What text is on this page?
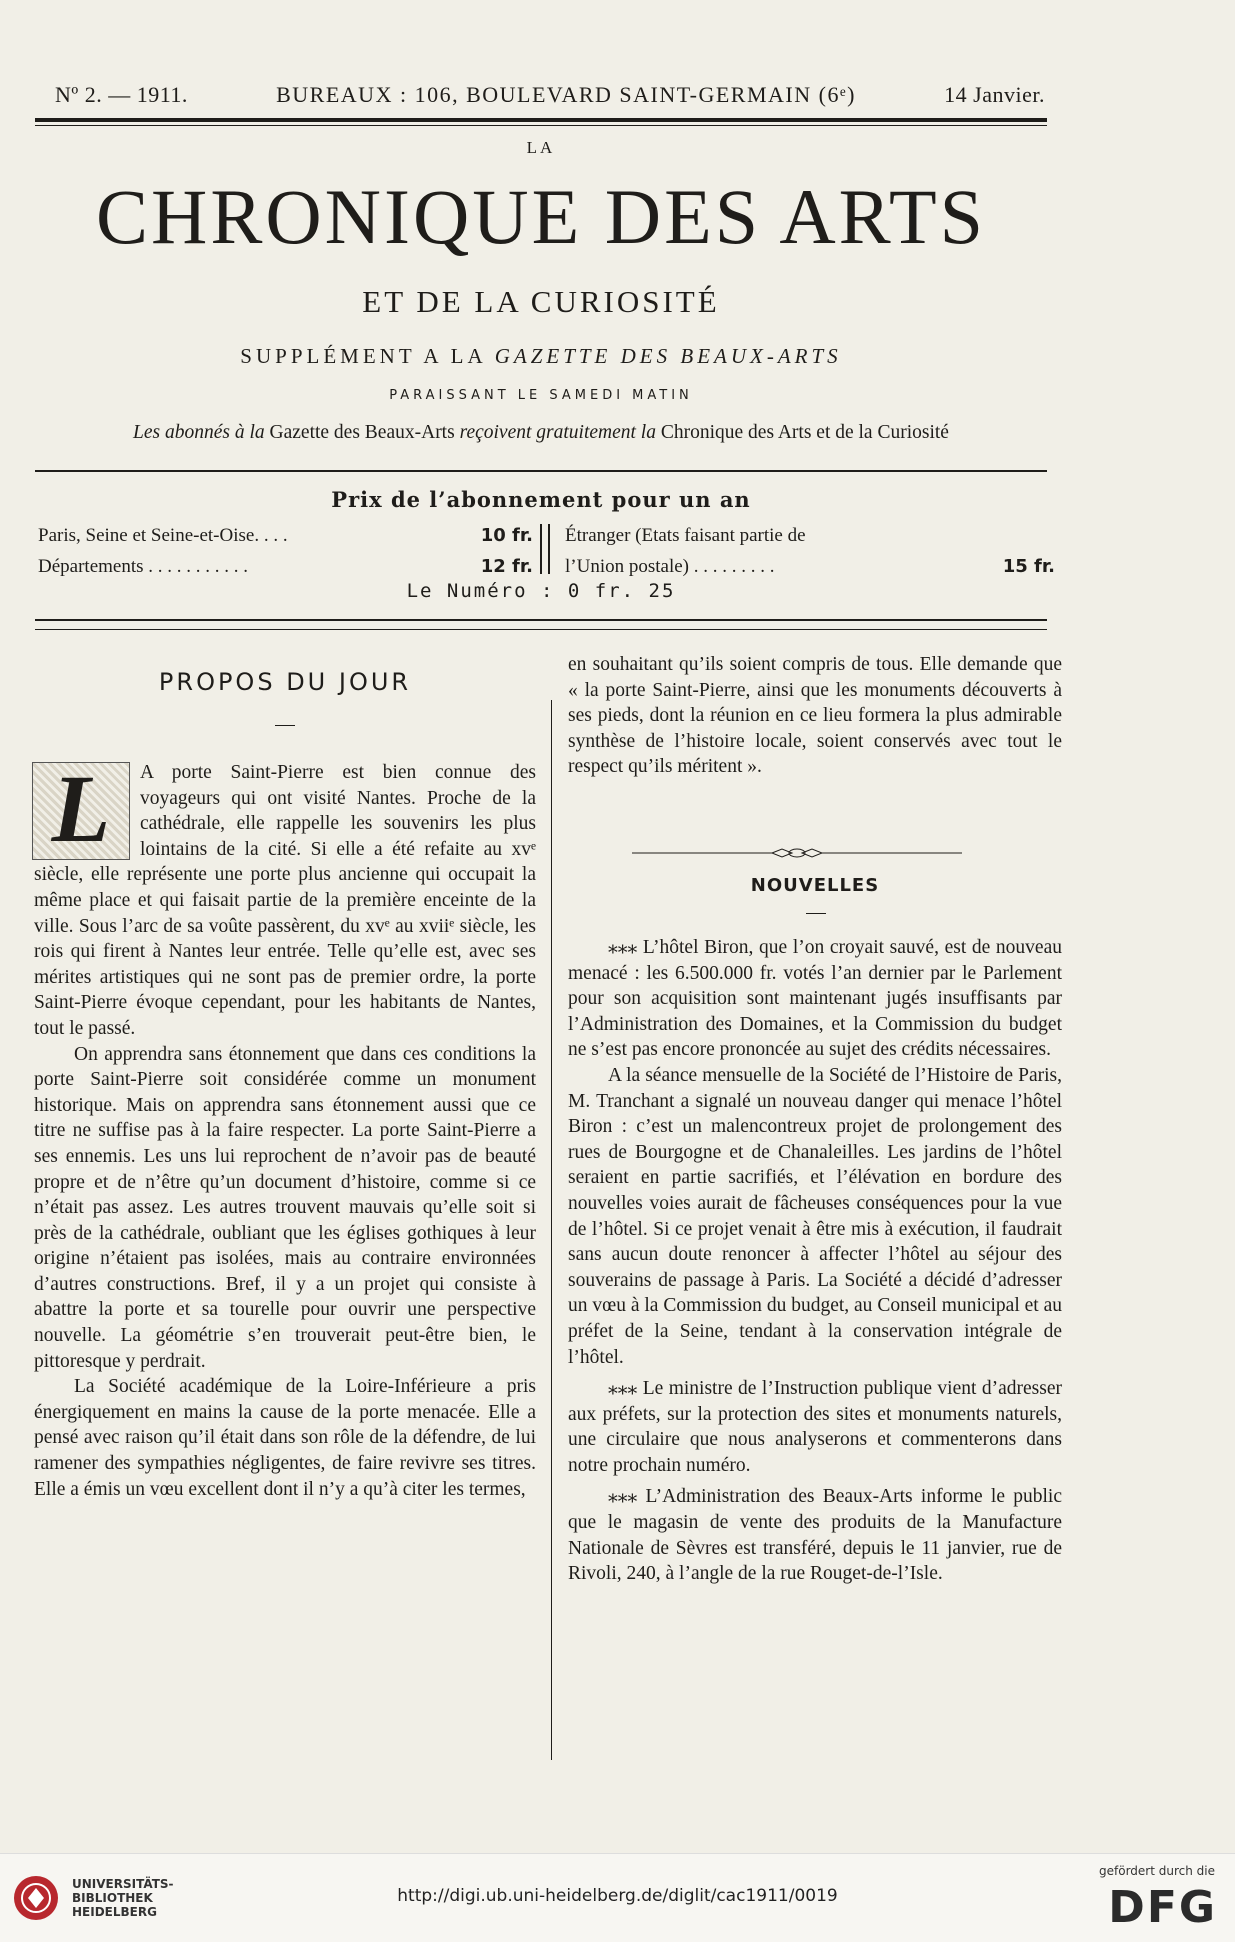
Nº 2. — 1911.	BUREAUX : 106, BOULEVARD SAINT-GERMAIN (6ᵉ)	14 Janvier.
LA
CHRONIQUE DES ARTS
ET DE LA CURIOSITÉ
SUPPLÉMENT A LA GAZETTE DES BEAUX-ARTS
PARAISSANT LE SAMEDI MATIN
Les abonnés à la Gazette des Beaux-Arts reçoivent gratuitement la Chronique des Arts et de la Curiosité
Prix de l’abonnement pour un an
Paris, Seine et Seine-et-Oise. . . .	10 fr.
Départements . . . . . . . . . . .	12 fr.
Étranger (Etats faisant partie de
l’Union postale) . . . . . . . . .	15 fr.
Le Numéro : 0 fr. 25
PROPOS DU JOUR

L	A porte Saint-Pierre est bien connue des voyageurs qui ont visité Nantes. Proche de la cathédrale, elle rappelle les souvenirs les plus lointains de la cité. Si elle a été refaite au xvᵉ siècle, elle représente une porte plus ancienne qui occupait la même place et qui faisait partie de la première enceinte de la ville. Sous l’arc de sa voûte passèrent, du xvᵉ au xviiᵉ siècle, les rois qui firent à Nantes leur entrée. Telle qu’elle est, avec ses mérites artistiques qui ne sont pas de premier ordre, la porte Saint-Pierre évoque cependant, pour les habitants de Nantes, tout le passé.

On apprendra sans étonnement que dans ces conditions la porte Saint-Pierre soit considérée comme un monument historique. Mais on apprendra sans étonnement aussi que ce titre ne suffise pas à la faire respecter. La porte Saint-Pierre a ses ennemis. Les uns lui reprochent de n’avoir pas de beauté propre et de n’être qu’un document d’histoire, comme si ce n’était pas assez. Les autres trouvent mauvais qu’elle soit si près de la cathédrale, oubliant que les églises gothiques à leur origine n’étaient pas isolées, mais au contraire environnées d’autres constructions. Bref, il y a un projet qui consiste à abattre la porte et sa tourelle pour ouvrir une perspective nouvelle. La géométrie s’en trouverait peut-être bien, le pittoresque y perdrait.

La Société académique de la Loire-Inférieure a pris énergiquement en mains la cause de la porte menacée. Elle a pensé avec raison qu’il était dans son rôle de la défendre, de lui ramener des sympathies négligentes, de faire revivre ses titres. Elle a émis un vœu excellent dont il n’y a qu’à citer les termes,

en souhaitant qu’ils soient compris de tous. Elle demande que « la porte Saint-Pierre, ainsi que les monuments découverts à ses pieds, dont la réunion en ce lieu formera la plus admirable synthèse de l’histoire locale, soient conservés avec tout le respect qu’ils méritent ».

NOUVELLES

⁎⁎⁎ L’hôtel Biron, que l’on croyait sauvé, est de nouveau menacé : les 6.500.000 fr. votés l’an dernier par le Parlement pour son acquisition sont maintenant jugés insuffisants par l’Administration des Domaines, et la Commission du budget ne s’est pas encore prononcée au sujet des crédits nécessaires.

A la séance mensuelle de la Société de l’Histoire de Paris, M. Tranchant a signalé un nouveau danger qui menace l’hôtel Biron : c’est un malencontreux projet de prolongement des rues de Bourgogne et de Chanaleilles. Les jardins de l’hôtel seraient en partie sacrifiés, et l’élévation en bordure des nouvelles voies aurait de fâcheuses conséquences pour la vue de l’hôtel. Si ce projet venait à être mis à exécution, il faudrait sans aucun doute renoncer à affecter l’hôtel au séjour des souverains de passage à Paris. La Société a décidé d’adresser un vœu à la Commission du budget, au Conseil municipal et au préfet de la Seine, tendant à la conservation intégrale de l’hôtel.

⁎⁎⁎ Le ministre de l’Instruction publique vient d’adresser aux préfets, sur la protection des sites et monuments naturels, une circulaire que nous analyserons et commenterons dans notre prochain numéro.

⁎⁎⁎ L’Administration des Beaux-Arts informe le public que le magasin de vente des produits de la Manufacture Nationale de Sèvres est transféré, depuis le 11 janvier, rue de Rivoli, 240, à l’angle de la rue Rouget-de-l’Isle.

UNIVERSITÄTS-
BIBLIOTHEK
HEIDELBERG
http://digi.ub.uni-heidelberg.de/diglit/cac1911/0019
gefördert durch die
DFG
